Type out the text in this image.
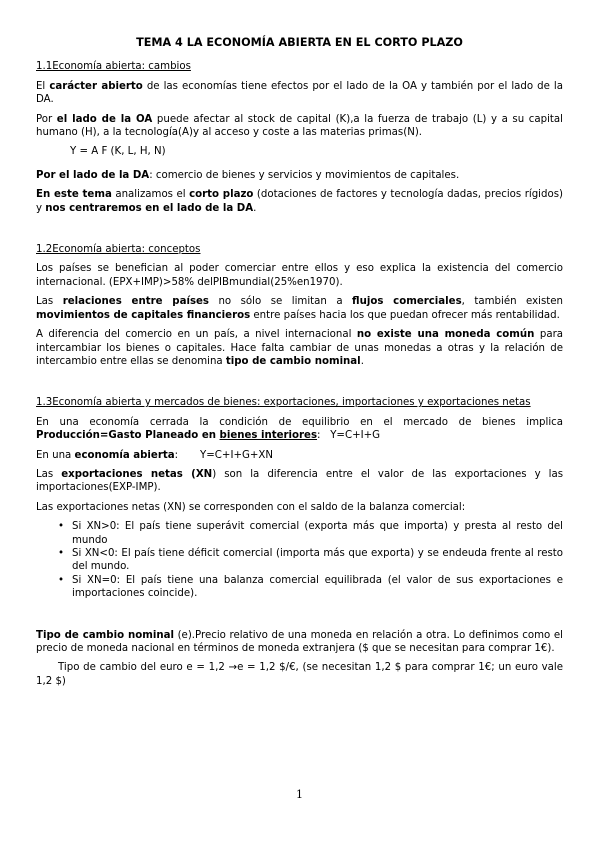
TEMA 4 LA ECONOMÍA ABIERTA EN EL CORTO PLAZO
1.1Economía abierta: cambios

El carácter abierto de las economías tiene efectos por el lado de la OA y también por el lado de la DA.

Por el lado de la OA puede afectar al stock de capital (K),a la fuerza de trabajo (L) y a su capital humano (H), a la tecnología(A)y al acceso y coste a las materias primas(N).

Y = A F (K, L, H, N)

Por el lado de la DA: comercio de bienes y servicios y movimientos de capitales.

En este tema analizamos el corto plazo (dotaciones de factores y tecnología dadas, precios rígidos) y nos centraremos en el lado de la DA.

1.2Economía abierta: conceptos

Los países se benefician al poder comerciar entre ellos y eso explica la existencia del comercio internacional. (EPX+IMP)>58% delPIBmundial(25%en1970).

Las relaciones entre países no sólo se limitan a flujos comerciales, también existen movimientos de capitales financieros entre países hacia los que puedan ofrecer más rentabilidad.

A diferencia del comercio en un país, a nivel internacional no existe una moneda común para intercambiar los bienes o capitales. Hace falta cambiar de unas monedas a otras y la relación de intercambio entre ellas se denomina tipo de cambio nominal.

1.3Economía abierta y mercados de bienes: exportaciones, importaciones y exportaciones netas

En una economía cerrada la condición de equilibrio en el mercado de bienes implica Producción=Gasto Planeado en bienes interiores: Y=C+I+G

En una economía abierta: Y=C+I+G+XN

Las exportaciones netas (XN) son la diferencia entre el valor de las exportaciones y las importaciones(EXP-IMP).

Las exportaciones netas (XN) se corresponden con el saldo de la balanza comercial:

• Si XN>0: El país tiene superávit comercial (exporta más que importa) y presta al resto del mundo
• Si XN<0: El país tiene déficit comercial (importa más que exporta) y se endeuda frente al resto del mundo.
• Si XN=0: El país tiene una balanza comercial equilibrada (el valor de sus exportaciones e importaciones coincide).

Tipo de cambio nominal (e).Precio relativo de una moneda en relación a otra. Lo definimos como el precio de moneda nacional en términos de moneda extranjera ($ que se necesitan para comprar 1€).

Tipo de cambio del euro e = 1,2 →e = 1,2 $/€, (se necesitan 1,2 $ para comprar 1€; un euro vale 1,2 $)

1
